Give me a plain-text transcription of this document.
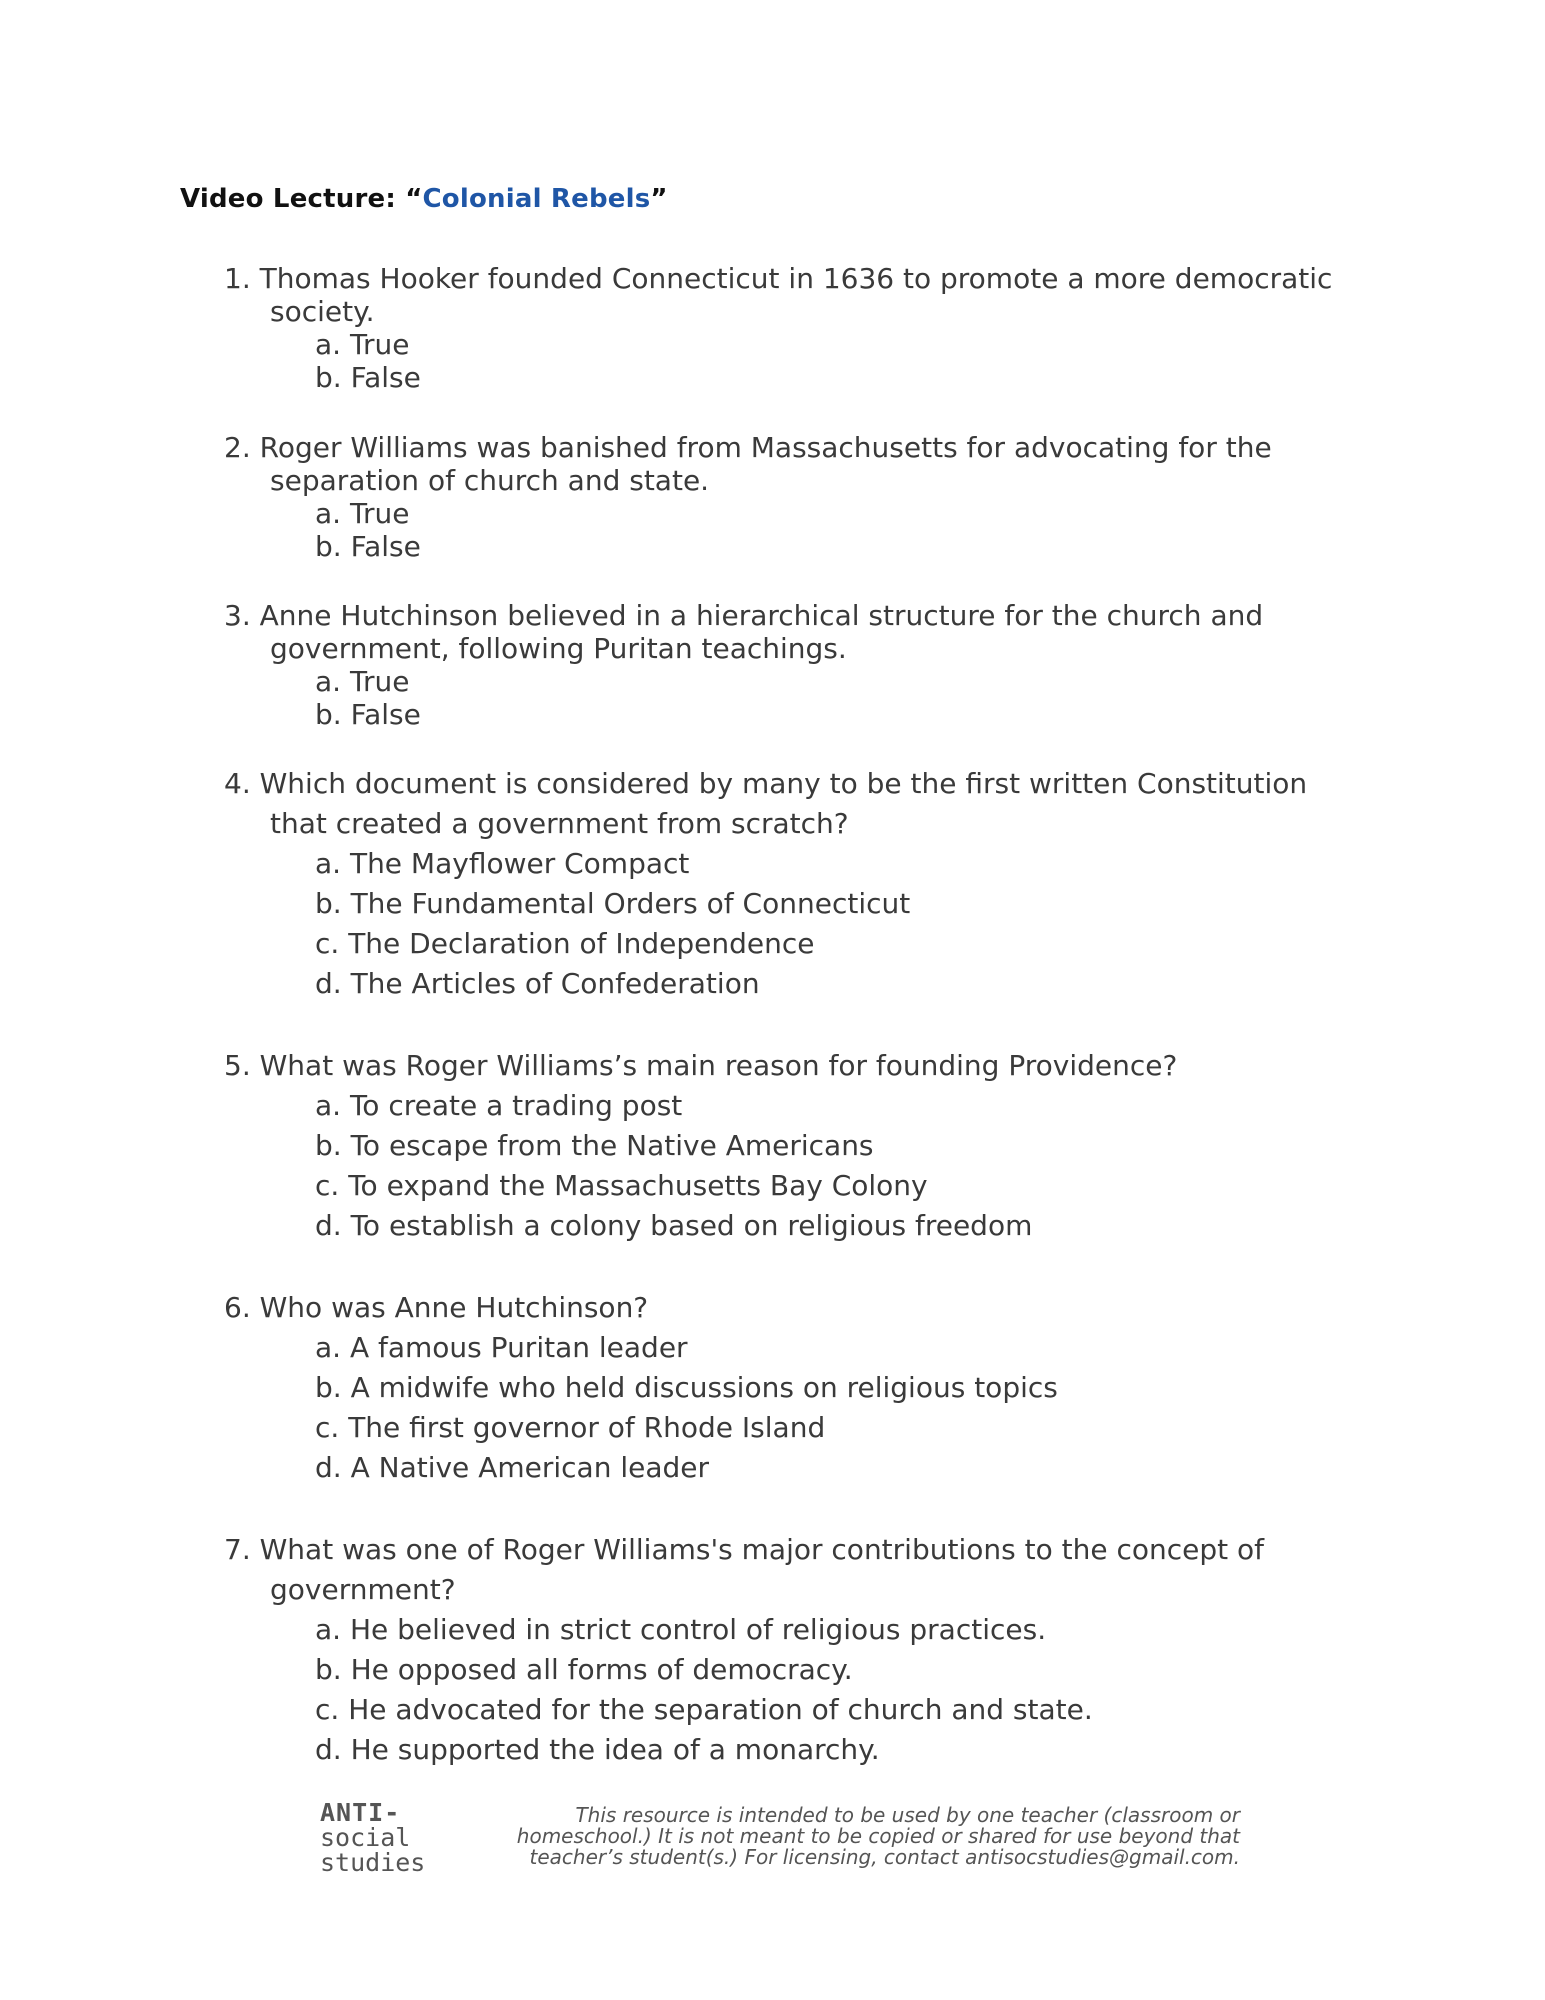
Video Lecture: “Colonial Rebels”
1. Thomas Hooker founded Connecticut in 1636 to promote a more democratic society.
a. True
b. False
2. Roger Williams was banished from Massachusetts for advocating for the separation of church and state.
a. True
b. False
3. Anne Hutchinson believed in a hierarchical structure for the church and government, following Puritan teachings.
a. True
b. False
4. Which document is considered by many to be the first written Constitution that created a government from scratch?
a. The Mayflower Compact
b. The Fundamental Orders of Connecticut
c. The Declaration of Independence
d. The Articles of Confederation
5. What was Roger Williams’s main reason for founding Providence?
a. To create a trading post
b. To escape from the Native Americans
c. To expand the Massachusetts Bay Colony
d. To establish a colony based on religious freedom
6. Who was Anne Hutchinson?
a. A famous Puritan leader
b. A midwife who held discussions on religious topics
c. The first governor of Rhode Island
d. A Native American leader
7. What was one of Roger Williams's major contributions to the concept of government?
a. He believed in strict control of religious practices.
b. He opposed all forms of democracy.
c. He advocated for the separation of church and state.
d. He supported the idea of a monarchy.
ANTI-
social
studies
This resource is intended to be used by one teacher (classroom or homeschool.) It is not meant to be copied or shared for use beyond that teacher’s student(s.) For licensing, contact antisocstudies@gmail.com.
